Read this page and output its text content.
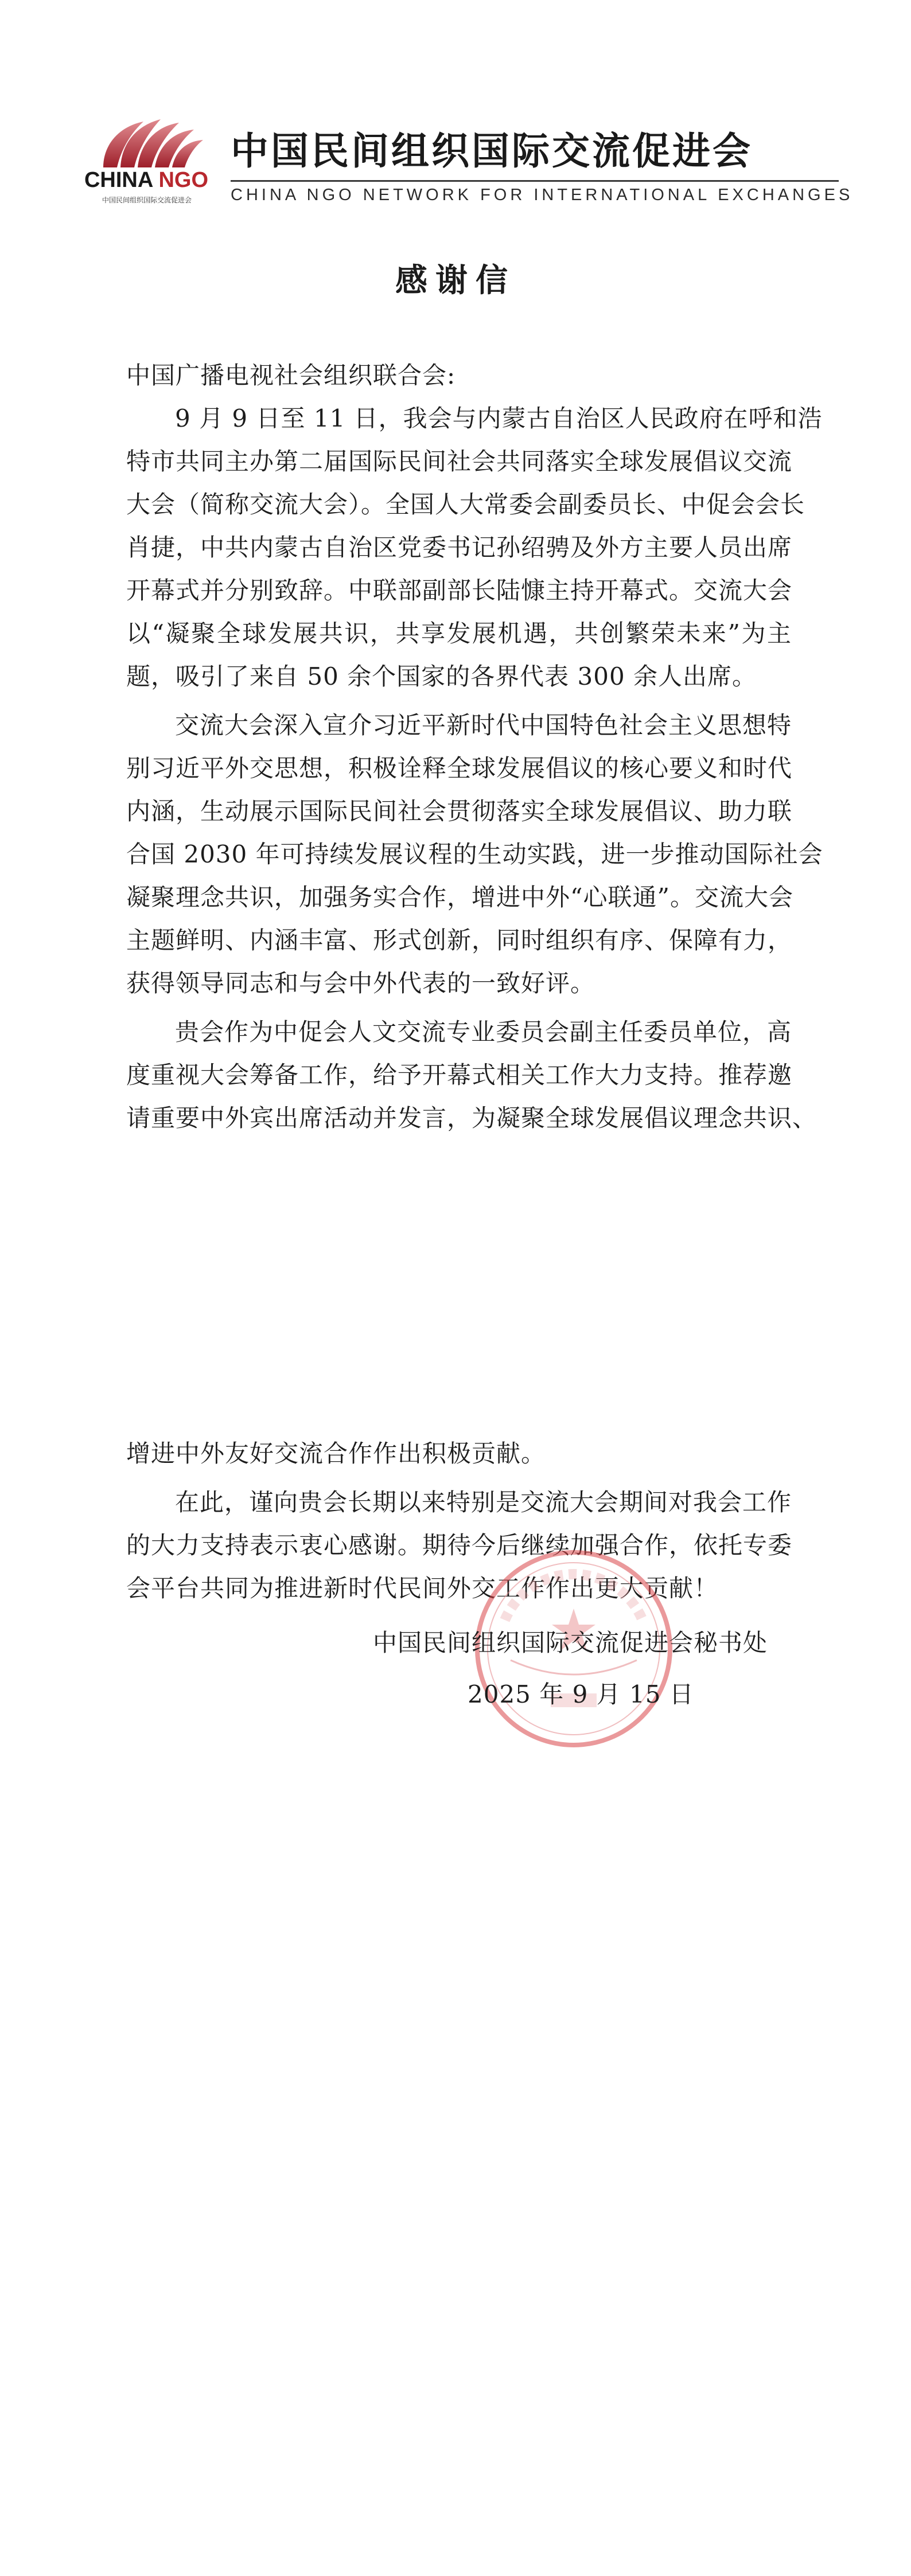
CHINA NGO
中国民间组织国际交流促进会
中国民间组织国际交流促进会
CHINA NGO NETWORK FOR INTERNATIONAL EXCHANGES
感谢信
中国广播电视社会组织联合会:
9 月 9 日至 11 日，我会与内蒙古自治区人民政府在呼和浩
特市共同主办第二届国际民间社会共同落实全球发展倡议交流
大会（简称交流大会）。全国人大常委会副委员长、中促会会长
肖捷，中共内蒙古自治区党委书记孙绍骋及外方主要人员出席
开幕式并分别致辞。中联部副部长陆慷主持开幕式。交流大会
以“凝聚全球发展共识，共享发展机遇，共创繁荣未来”为主
题，吸引了来自 50 余个国家的各界代表 300 余人出席。
交流大会深入宣介习近平新时代中国特色社会主义思想特
别习近平外交思想，积极诠释全球发展倡议的核心要义和时代
内涵，生动展示国际民间社会贯彻落实全球发展倡议、助力联
合国 2030 年可持续发展议程的生动实践，进一步推动国际社会
凝聚理念共识，加强务实合作，增进中外“心联通”。交流大会
主题鲜明、内涵丰富、形式创新，同时组织有序、保障有力，
获得领导同志和与会中外代表的一致好评。
贵会作为中促会人文交流专业委员会副主任委员单位，高
度重视大会筹备工作，给予开幕式相关工作大力支持。推荐邀
请重要中外宾出席活动并发言，为凝聚全球发展倡议理念共识、
增进中外友好交流合作作出积极贡献。
在此，谨向贵会长期以来特别是交流大会期间对我会工作
的大力支持表示衷心感谢。期待今后继续加强合作，依托专委
会平台共同为推进新时代民间外交工作作出更大贡献！
中国民间组织国际交流促进会秘书处
2025 年 9 月 15 日
